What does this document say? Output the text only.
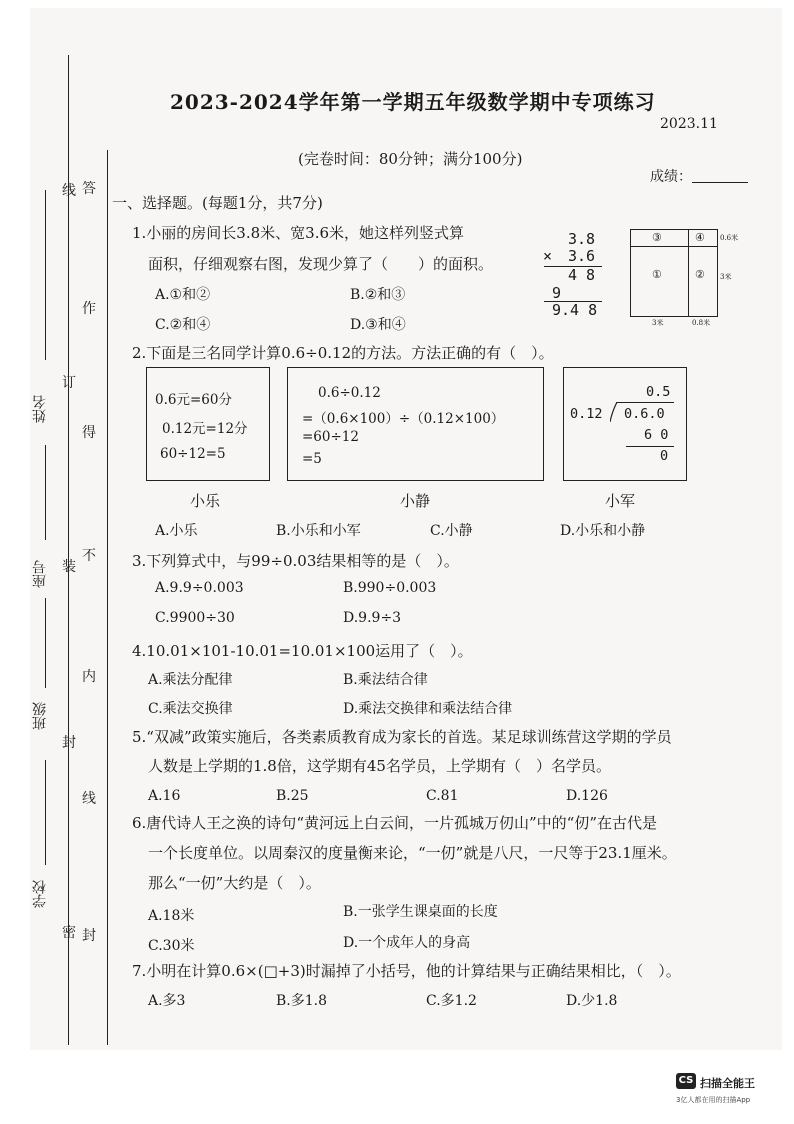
答
作
得
不
内
线
密 封
封
装
订
线
姓名
座号
班级
学校
2023-2024学年第一学期五年级数学期中专项练习
2023.11
(完卷时间：80分钟；满分100分)
成绩：
一、选择题。(每题1分，共7分)
1.小丽的房间长3.8米、宽3.6米，她这样列竖式算
面积，仔细观察右图，发现少算了（　　）的面积。
A.①和②	B.②和③
C.②和④	D.③和④
3.8
× 3.6
4 8
9
9.4 8
③	④
①	②
0.6米
3米
3米	0.8米
2.下面是三名同学计算0.6÷0.12的方法。方法正确的有（　）。
0.6元=60分
0.12元=12分
60÷12=5
小乐
0.6÷0.12
=（0.6×100）÷（0.12×100）
=60÷12
=5
小静
0.5
0.12 0.6.0
6 0
0
小军
A.小乐	B.小乐和小军	C.小静	D.小乐和小静
3.下列算式中，与99÷0.03结果相等的是（　）。
A.9.9÷0.003	B.990÷0.003
C.9900÷30	D.9.9÷3
4.10.01×101-10.01=10.01×100运用了（　）。
A.乘法分配律	B.乘法结合律
C.乘法交换律	D.乘法交换律和乘法结合律
5.“双减”政策实施后，各类素质教育成为家长的首选。某足球训练营这学期的学员
人数是上学期的1.8倍，这学期有45名学员，上学期有（　）名学员。
A.16	B.25	C.81	D.126
6.唐代诗人王之涣的诗句“黄河远上白云间，一片孤城万仞山”中的“仞”在古代是
一个长度单位。以周秦汉的度量衡来论，“一仞”就是八尺，一尺等于23.1厘米。
那么“一仞”大约是（　）。
A.18米	B.一张学生课桌面的长度
C.30米	D.一个成年人的身高
7.小明在计算0.6×(□+3)时漏掉了小括号，他的计算结果与正确结果相比，（　）。
A.多3	B.多1.8	C.多1.2	D.少1.8
CS 扫描全能王
3亿人都在用的扫描App
